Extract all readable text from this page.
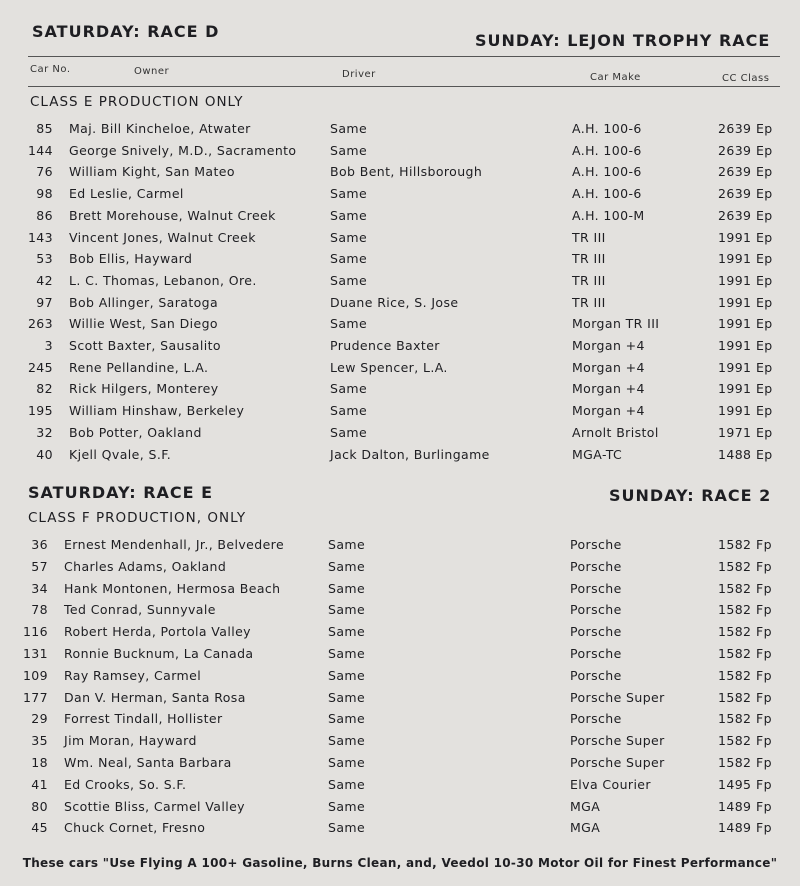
SATURDAY: RACE D	SUNDAY: LEJON TROPHY RACE
Car No.	Owner	Driver	Car Make	CC Class
CLASS E PRODUCTION ONLY
85 Maj. Bill Kincheloe, Atwater	Same	A.H. 100-6	2639 Ep
144 George Snively, M.D., Sacramento	Same	A.H. 100-6	2639 Ep
76 William Kight, San Mateo	Bob Bent, Hillsborough	A.H. 100-6	2639 Ep
98 Ed Leslie, Carmel	Same	A.H. 100-6	2639 Ep
86 Brett Morehouse, Walnut Creek	Same	A.H. 100-M	2639 Ep
143 Vincent Jones, Walnut Creek	Same	TR III	1991 Ep
53 Bob Ellis, Hayward	Same	TR III	1991 Ep
42 L. C. Thomas, Lebanon, Ore.	Same	TR III	1991 Ep
97 Bob Allinger, Saratoga	Duane Rice, S. Jose	TR III	1991 Ep
263 Willie West, San Diego	Same	Morgan TR III	1991 Ep
3 Scott Baxter, Sausalito	Prudence Baxter	Morgan +4	1991 Ep
245 Rene Pellandine, L.A.	Lew Spencer, L.A.	Morgan +4	1991 Ep
82 Rick Hilgers, Monterey	Same	Morgan +4	1991 Ep
195 William Hinshaw, Berkeley	Same	Morgan +4	1991 Ep
32 Bob Potter, Oakland	Same	Arnolt Bristol	1971 Ep
40 Kjell Qvale, S.F.	Jack Dalton, Burlingame	MGA-TC	1488 Ep
SATURDAY: RACE E	SUNDAY: RACE 2
CLASS F PRODUCTION, ONLY
36 Ernest Mendenhall, Jr., Belvedere	Same	Porsche	1582 Fp
57 Charles Adams, Oakland	Same	Porsche	1582 Fp
34 Hank Montonen, Hermosa Beach	Same	Porsche	1582 Fp
78 Ted Conrad, Sunnyvale	Same	Porsche	1582 Fp
116 Robert Herda, Portola Valley	Same	Porsche	1582 Fp
131 Ronnie Bucknum, La Canada	Same	Porsche	1582 Fp
109 Ray Ramsey, Carmel	Same	Porsche	1582 Fp
177 Dan V. Herman, Santa Rosa	Same	Porsche Super	1582 Fp
29 Forrest Tindall, Hollister	Same	Porsche	1582 Fp
35 Jim Moran, Hayward	Same	Porsche Super	1582 Fp
18 Wm. Neal, Santa Barbara	Same	Porsche Super	1582 Fp
41 Ed Crooks, So. S.F.	Same	Elva Courier	1495 Fp
80 Scottie Bliss, Carmel Valley	Same	MGA	1489 Fp
45 Chuck Cornet, Fresno	Same	MGA	1489 Fp
These cars "Use Flying A 100+ Gasoline, Burns Clean, and, Veedol 10-30 Motor Oil for Finest Performance"
